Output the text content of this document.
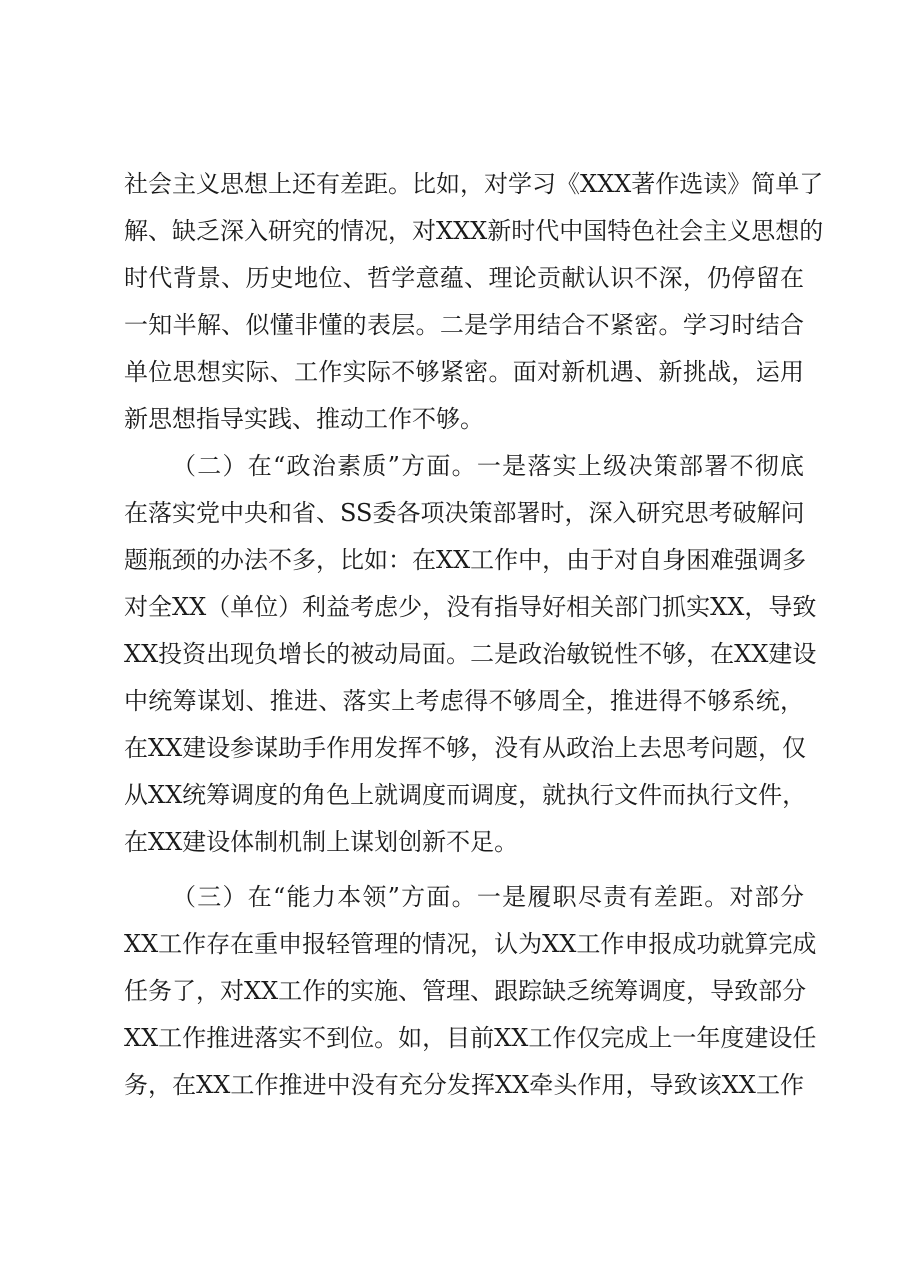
社会主义思想上还有差距。比如，对学习《XXX著作选读》简单了
解、缺乏深入研究的情况，对XXX新时代中国特色社会主义思想的
时代背景、历史地位、哲学意蕴、理论贡献认识不深，仍停留在
一知半解、似懂非懂的表层。二是学用结合不紧密。学习时结合
单位思想实际、工作实际不够紧密。面对新机遇、新挑战，运用
新思想指导实践、推动工作不够。
（二）在“政治素质”方面。一是落实上级决策部署不彻底
在落实党中央和省、SS委各项决策部署时，深入研究思考破解问
题瓶颈的办法不多，比如：在XX工作中，由于对自身困难强调多
对全XX（单位）利益考虑少，没有指导好相关部门抓实XX，导致
XX投资出现负增长的被动局面。二是政治敏锐性不够，在XX建设
中统筹谋划、推进、落实上考虑得不够周全，推进得不够系统，
在XX建设参谋助手作用发挥不够，没有从政治上去思考问题，仅
从XX统筹调度的角色上就调度而调度，就执行文件而执行文件，
在XX建设体制机制上谋划创新不足。
（三）在“能力本领”方面。一是履职尽责有差距。对部分
XX工作存在重申报轻管理的情况，认为XX工作申报成功就算完成
任务了，对XX工作的实施、管理、跟踪缺乏统筹调度，导致部分
XX工作推进落实不到位。如，目前XX工作仅完成上一年度建设任
务，在XX工作推进中没有充分发挥XX牵头作用，导致该XX工作
